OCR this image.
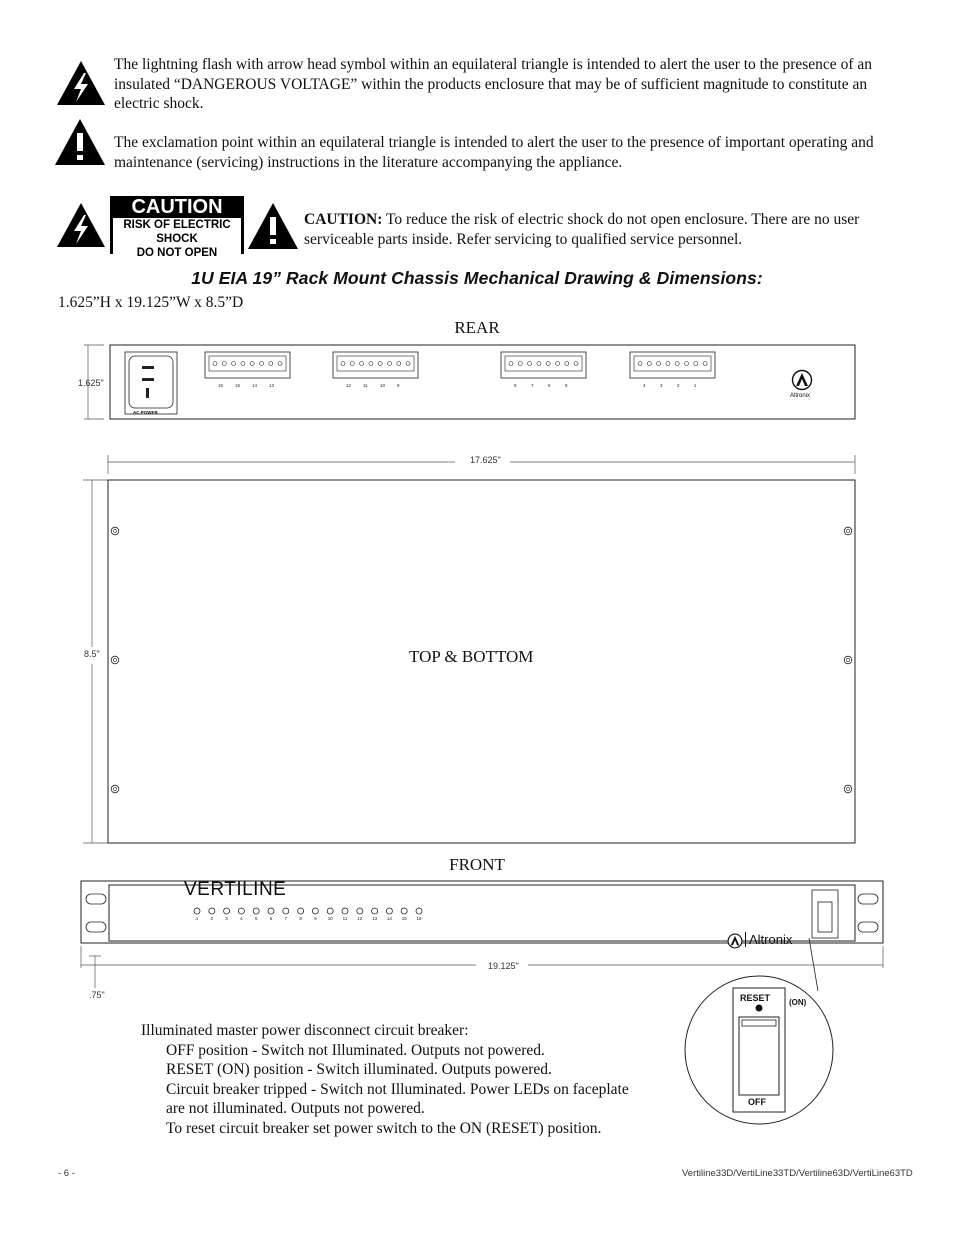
The lightning flash with arrow head symbol within an equilateral triangle is intended to alert the user to the presence of an insulated “DANGEROUS VOLTAGE” within the products enclosure that may be of sufficient magnitude to constitute an electric shock.
The exclamation point within an equilateral triangle is intended to alert the user to the presence of important operating and maintenance (servicing) instructions in the literature accompanying the appliance.
CAUTION
RISK OF ELECTRIC SHOCK
DO NOT OPEN
CAUTION: To reduce the risk of electric shock do not open enclosure. There are no user serviceable parts inside. Refer servicing to qualified service personnel.
1U EIA 19” Rack Mount Chassis Mechanical Drawing & Dimensions:
1.625”H x 19.125”W x 8.5”D
REAR
16	15	14	13	12	11	10	9	8	7	6	5	4	3	2	1
1.625"
AC POWER
Altronix
17.625"
8.5"	TOP & BOTTOM
FRONT
1	2	3	4	5	6	7	8	9 10 11 12 13 14 15 16
VERTILINE
Altronix
19.125"
.75"	RESET (ON)
OFF
Illuminated master power disconnect circuit breaker:
OFF position - Switch not Illuminated. Outputs not powered.
RESET (ON) position - Switch illuminated. Outputs powered.
Circuit breaker tripped - Switch not Illuminated. Power LEDs on faceplate
are not illuminated. Outputs not powered.
To reset circuit breaker set power switch to the ON (RESET) position.
- 6 -	Vertiline33D/VertiLine33TD/Vertiline63D/VertiLine63TD
